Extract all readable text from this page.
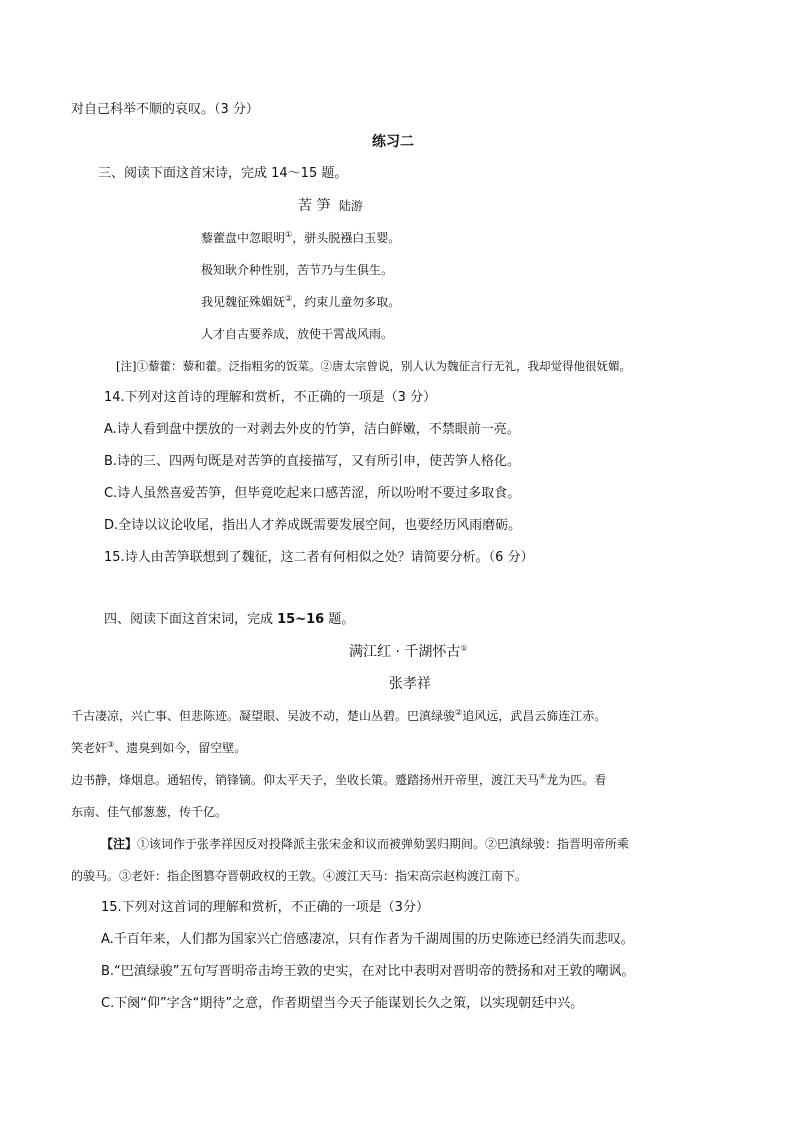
对自己科举不顺的哀叹。（3 分）
练习二
三、阅读下面这首宋诗，完成 14～15 题。
苦 笋 陆游
藜藿盘中忽眼明①，骈头脱襁白玉婴。
极知耿介种性别，苦节乃与生俱生。
我见魏征殊媚妩②，约束儿童勿多取。
人才自古要养成，放使干霄战风雨。
[注]①藜藿：藜和藿。泛指粗劣的饭菜。②唐太宗曾说，别人认为魏征言行无礼，我却觉得他很妩媚。
14.下列对这首诗的理解和赏析，不正确的一项是（3 分）
A.诗人看到盘中摆放的一对剥去外皮的竹笋，洁白鲜嫩，不禁眼前一亮。
B.诗的三、四两句既是对苦笋的直接描写，又有所引申，使苦笋人格化。
C.诗人虽然喜爱苦笋，但毕竟吃起来口感苦涩，所以吩咐不要过多取食。
D.全诗以议论收尾，指出人才养成既需要发展空间，也要经历风雨磨砺。
15.诗人由苦笋联想到了魏征，这二者有何相似之处？请简要分析。（6 分）
四、阅读下面这首宋词，完成 15~16 题。
满江红 · 千湖怀古①
张孝祥
千古凄凉，兴亡事、但悲陈迹。凝望眼、吴波不动，楚山丛碧。巴滇绿骏②追风远，武昌云旆连江赤。
笑老奸③、遗臭到如今，留空壁。
边书静，烽烟息。通轺传，销锋镝。仰太平天子，坐收长策。蹙踏扬州开帝里，渡江天马④龙为匹。看
东南、佳气郁葱葱，传千亿。
【注】①该词作于张孝祥因反对投降派主张宋金和议而被弹劾罢归期间。②巴滇绿骏：指晋明帝所乘
的骏马。③老奸：指企图篡夺晋朝政权的王敦。④渡江天马：指宋高宗赵构渡江南下。
15.下列对这首词的理解和赏析，不正确的一项是（3分）
A.千百年来，人们都为国家兴亡倍感凄凉，只有作者为千湖周围的历史陈迹已经消失而悲叹。
B.“巴滇绿骏”五句写晋明帝击垮王敦的史实，在对比中表明对晋明帝的赞扬和对王敦的嘲讽。
C.下阕“仰”字含“期待”之意，作者期望当今天子能谋划长久之策，以实现朝廷中兴。
